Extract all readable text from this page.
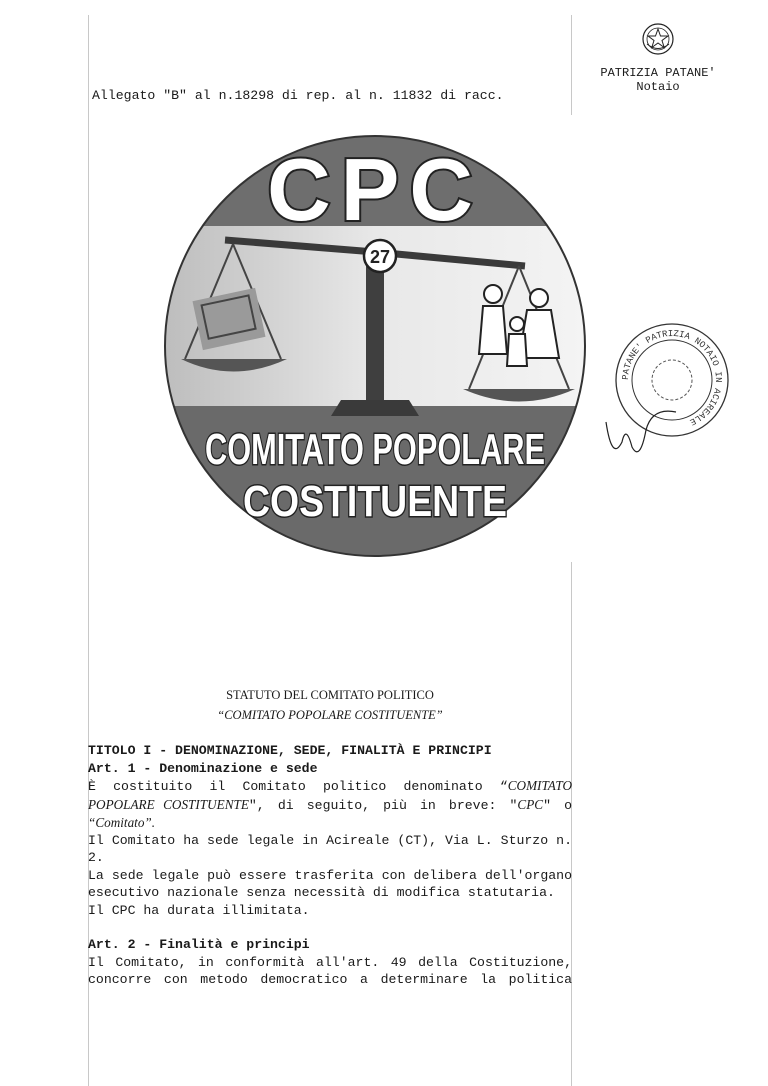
PATRIZIA PATANE'
Notaio
Allegato "B" al n.18298 di rep. al n. 11832 di racc.
CPC
27
COMITATO POPOLARE
COSTITUENTE
PATANE' PATRIZIA NOTAIO IN ACIREALE
STATUTO DEL COMITATO POLITICO
“COMITATO POPOLARE COSTITUENTE”

TITOLO I - DENOMINAZIONE, SEDE, FINALITÀ E PRINCIPI

Art. 1 - Denominazione e sede

È costituito il Comitato politico denominato “COMITATO

POPOLARE COSTITUENTE", di seguito, più in breve: "CPC" o

“Comitato”.

Il Comitato ha sede legale in Acireale (CT), Via L. Sturzo n.

2.

La sede legale può essere trasferita con delibera dell'organo

esecutivo nazionale senza necessità di modifica statutaria.

Il CPC ha durata illimitata.

Art. 2 - Finalità e principi

Il Comitato, in conformità all'art. 49 della Costituzione,

concorre con metodo democratico a determinare la politica
